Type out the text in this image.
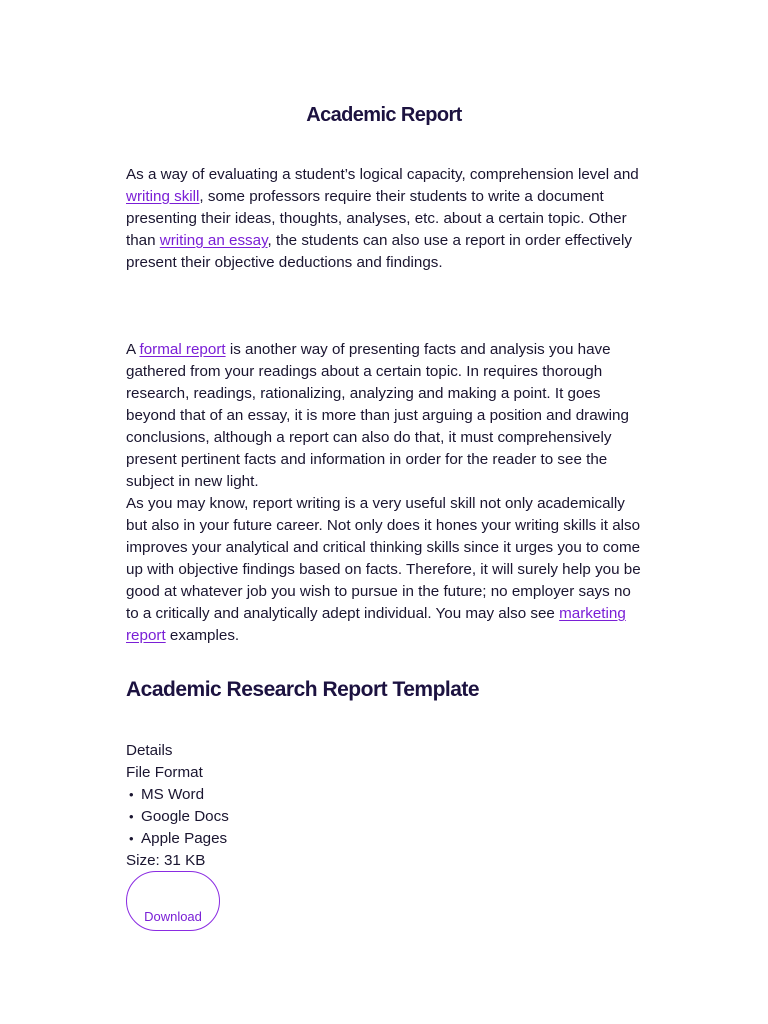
Academic Report

As a way of evaluating a student’s logical capacity, comprehension level and writing skill, some professors require their students to write a document presenting their ideas, thoughts, analyses, etc. about a certain topic. Other than writing an essay, the students can also use a report in order effectively present their objective deductions and findings.

A formal report is another way of presenting facts and analysis you have gathered from your readings about a certain topic. In requires thorough research, readings, rationalizing, analyzing and making a point. It goes beyond that of an essay, it is more than just arguing a position and drawing conclusions, although a report can also do that, it must comprehensively present pertinent facts and information in order for the reader to see the subject in new light.

As you may know, report writing is a very useful skill not only academically but also in your future career. Not only does it hones your writing skills it also improves your analytical and critical thinking skills since it urges you to come up with objective findings based on facts. Therefore, it will surely help you be good at whatever job you wish to pursue in the future; no employer says no to a critically and analytically adept individual. You may also see marketing report examples.

Academic Research Report Template
Details
File Format
• MS Word
• Google Docs
• Apple Pages
Size: 31 KB
Download
